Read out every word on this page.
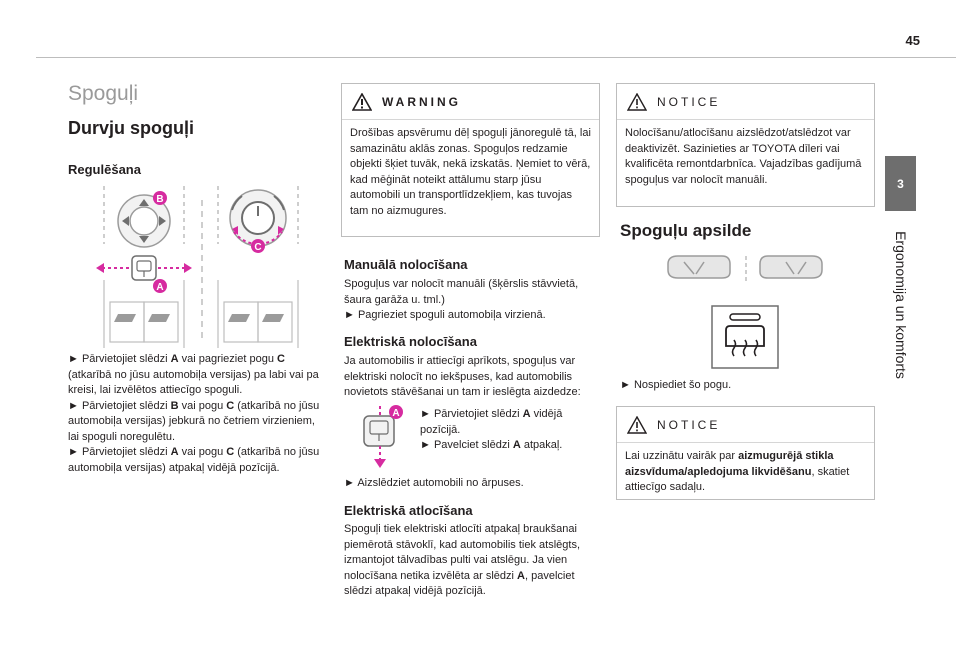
45
3
Ergonomija un komforts
Spoguļi
Durvju spoguļi
Regulēšana
B
A
C

► Pārvietojiet slēdzi A vai pagrieziet pogu C (atkarībā no jūsu automobiļa versijas) pa labi vai pa kreisi, lai izvēlētos attiecīgo spoguli.

► Pārvietojiet slēdzi B vai pogu C (atkarībā no jūsu automobiļa versijas) jebkurā no četriem virzieniem, lai spoguli noregulētu.

► Pārvietojiet slēdzi A vai pogu C (atkarībā no jūsu automobiļa versijas) atpakaļ vidējā pozīcijā.

WARNING
Drošības apsvērumu dēļ spoguļi jānoregulē tā, lai samazinātu aklās zonas. Spoguļos redzamie objekti šķiet tuvāk, nekā izskatās. Ņemiet to vērā, kad mēģināt noteikt attālumu starp jūsu automobili un transportlīdzekļiem, kas tuvojas tam no aizmugures.
Manuālā nolocīšana

Spoguļus var nolocīt manuāli (šķērslis stāvvietā, šaura garāža u. tml.)

► Pagrieziet spoguli automobiļa virzienā.

Elektriskā nolocīšana
Ja automobilis ir attiecīgi aprīkots, spoguļus var elektriski nolocīt no iekšpuses, kad automobilis novietots stāvēšanai un tam ir ieslēgta aizdedze:
A ► Pārvietojiet slēdzi A vidējā pozīcijā.

► Pavelciet slēdzi A atpakaļ.

► Aizslēdziet automobili no ārpuses.
Elektriskā atlocīšana
Spoguļi tiek elektriski atlocīti atpakaļ braukšanai piemērotā stāvoklī, kad automobilis tiek atslēgts, izmantojot tālvadības pulti vai atslēgu. Ja vien nolocīšana netika izvēlēta ar slēdzi A, pavelciet slēdzi atpakaļ vidējā pozīcijā.
NOTICE
Nolocīšanu/atlocīšanu aizslēdzot/atslēdzot var deaktivizēt. Sazinieties ar TOYOTA dīleri vai kvalificēta remontdarbnīca. Vajadzības gadījumā spoguļus var nolocīt manuāli.
Spoguļu apsilde
► Nospiediet šo pogu.
NOTICE
Lai uzzinātu vairāk par aizmugurējā stikla aizsvīduma/apledojuma likvidēšanu, skatiet attiecīgo sadaļu.
